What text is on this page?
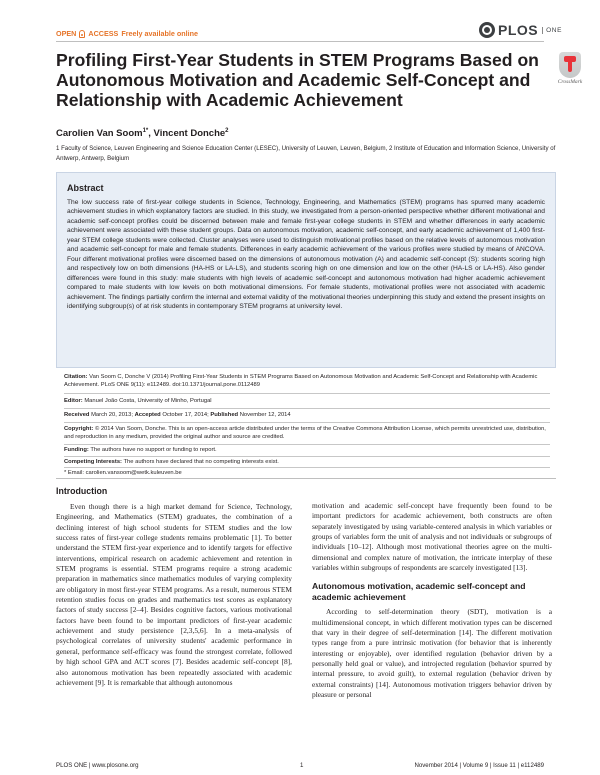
OPEN ACCESS Freely available online	PLOS	ONE
Profiling First-Year Students in STEM Programs Based on Autonomous Motivation and Academic Self-Concept and Relationship with Academic Achievement
CrossMark
Carolien Van Soom$^{1*}$, Vincent Donche$^2$
1 Faculty of Science, Leuven Engineering and Science Education Center (LESEC), University of Leuven, Leuven, Belgium, 2 Institute of Education and Information Science, University of Antwerp, Antwerp, Belgium
Abstract
The low success rate of first-year college students in Science, Technology, Engineering, and Mathematics (STEM) programs has spurred many academic achievement studies in which explanatory factors are studied. In this study, we investigated from a person-oriented perspective whether different motivational and academic self-concept profiles could be discerned between male and female first-year college students in STEM and whether differences in early academic achievement were associated with these student groups. Data on autonomous motivation, academic self-concept, and early academic achievement of 1,400 first-year STEM college students were collected. Cluster analyses were used to distinguish motivational profiles based on the relative levels of autonomous motivation and academic self-concept for male and female students. Differences in early academic achievement of the various profiles were studied by means of ANCOVA. Four different motivational profiles were discerned based on the dimensions of autonomous motivation (A) and academic self-concept (S): students scoring high and respectively low on both dimensions (HA-HS or LA-LS), and students scoring high on one dimension and low on the other (HA-LS or LA-HS). Also gender differences were found in this study: male students with high levels of academic self-concept and autonomous motivation had higher academic achievement compared to male students with low levels on both motivational dimensions. For female students, motivational profiles were not associated with academic achievement. The findings partially confirm the internal and external validity of the motivational theories underpinning this study and extend the present insights on identifying subgroup(s) of at risk students in contemporary STEM programs at university level.
Citation: Van Soom C, Donche V (2014) Profiling First-Year Students in STEM Programs Based on Autonomous Motivation and Academic Self-Concept and Relationship with Academic Achievement. PLoS ONE 9(11): e112489. doi:10.1371/journal.pone.0112489
Editor: Manuel João Costa, University of Minho, Portugal
Received March 20, 2013; Accepted October 17, 2014; Published November 12, 2014
Copyright: © 2014 Van Soom, Donche. This is an open-access article distributed under the terms of the Creative Commons Attribution License, which permits unrestricted use, distribution, and reproduction in any medium, provided the original author and source are credited.
Funding: The authors have no support or funding to report.
Competing Interests: The authors have declared that no competing interests exist.
* Email: carolien.vansoom@wetk.kuleuven.be
Introduction

Even though there is a high market demand for Science, Technology, Engineering, and Mathematics (STEM) graduates, the combination of a declining interest of high school students for STEM studies and the low success rates of first-year college students remains problematic [1]. To better understand the STEM first-year experience and to identify targets for effective interventions, empirical research on academic achievement and retention in STEM programs is essential. STEM programs require a strong academic preparation in mathematics since mathematics modules of varying complexity are obligatory in most first-year STEM programs. As a result, numerous STEM retention studies focus on grades and mathematics test scores as explanatory factors of study success [2–4]. Besides cognitive factors, various motivational factors have been found to be important predictors of first-year academic achievement and study persistence [2,3,5,6]. In a meta-analysis of psychological correlates of university students' academic performance in general, performance self-efficacy was found the strongest correlate, followed by high school GPA and ACT scores [7]. Besides academic self-concept [8], also autonomous motivation has been repeatedly associated with academic achievement [9]. It is remarkable that although autonomous

motivation and academic self-concept have frequently been found to be important predictors for academic achievement, both constructs are often separately investigated by using variable-centered analysis in which variables or groups of variables form the unit of analysis and not individuals or subgroups of individuals [10–12]. Although most motivational theories agree on the multi-dimensional and complex nature of motivation, the intricate interplay of these variables within subgroups of respondents are scarcely investigated [13].
Autonomous motivation, academic self-concept and academic achievement

According to self-determination theory (SDT), motivation is a multidimensional concept, in which different motivation types can be discerned that vary in their degree of self-determination [14]. The different motivation types range from a pure intrinsic motivation (for behavior that is inherently interesting or enjoyable), over identified regulation (behavior driven by a personally held goal or value), and introjected regulation (behavior spurred by internal pressure, to avoid guilt), to external regulation (behavior driven by external constraints) [14]. Autonomous motivation triggers behavior driven by pleasure or personal

PLOS ONE | www.plosone.org	1	November 2014 | Volume 9 | Issue 11 | e112489
